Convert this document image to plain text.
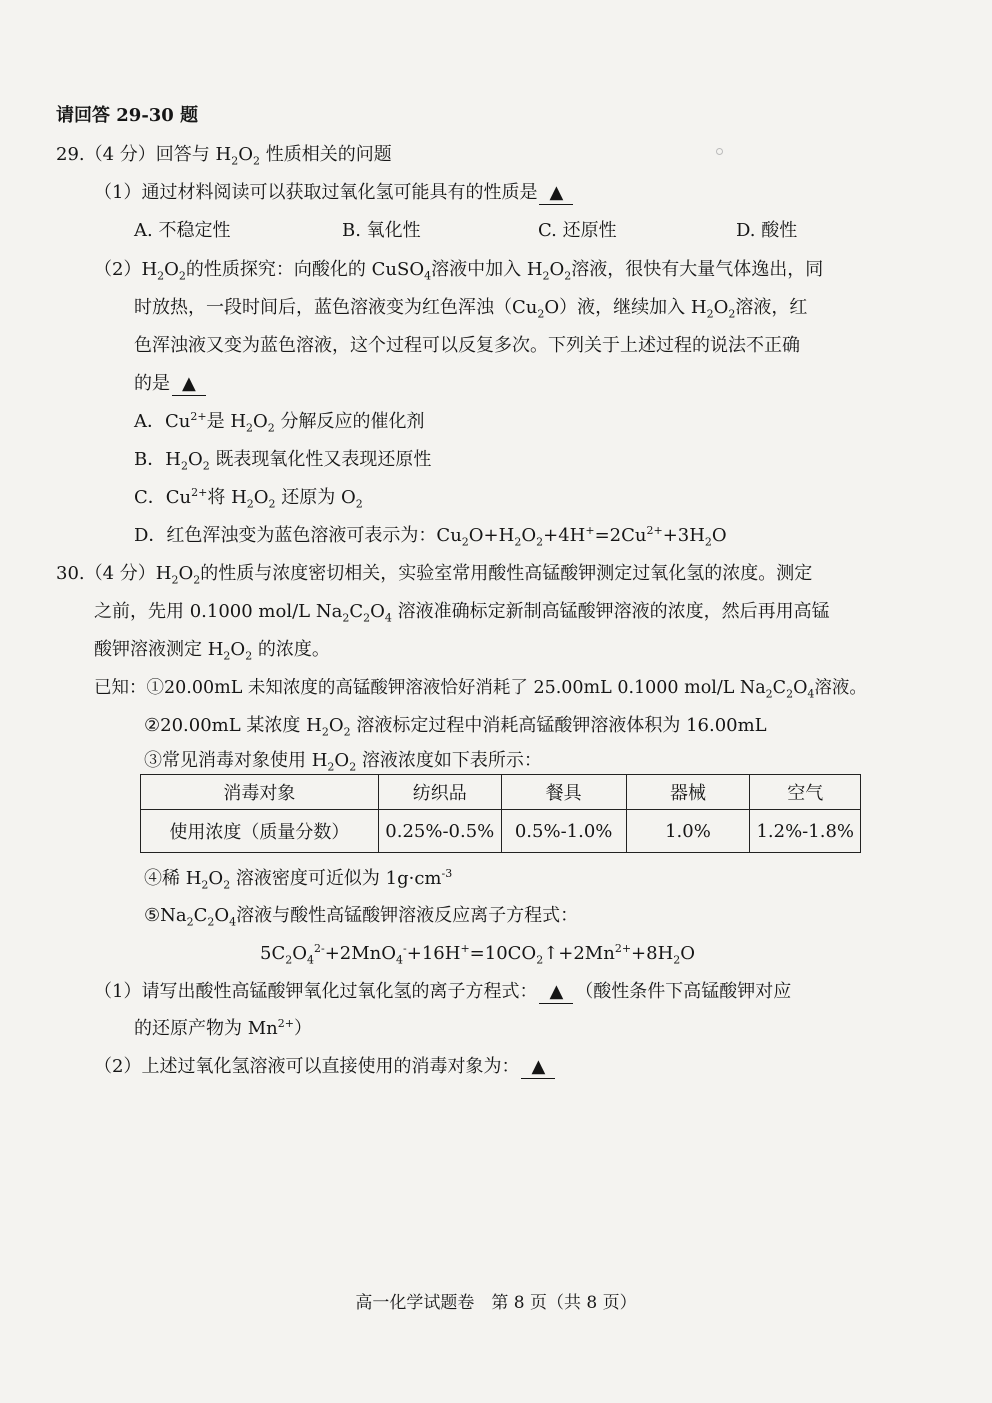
请回答 29-30 题
29.（4 分）回答与 $H_2O_2$ 性质相关的问题
（1）通过材料阅读可以获取过氧化氢可能具有的性质是 ▲
A. 不稳定性	B. 氧化性	C. 还原性	D. 酸性
$(2)H_2O_2$的性质探究：向酸化的 CuSO$_4$溶液中加入 $H_2O_2$溶液，很快有大量气体逸出，同
时放热，一段时间后，蓝色溶液变为红色浑浊$(Cu_2O)$液，继续加入 $H_2O_2$溶液，红
色浑浊液又变为蓝色溶液，这个过程可以反复多次。下列关于上述过程的说法不正确
的是 ▲
A．$Cu^{2+}$是 $H_2O_2$ 分解反应的催化剂
B．$H_2O_2$ 既表现氧化性又表现还原性
C．$Cu^{2+}$将 $H_2O_2$ 还原为 $O_2$
D．红色浑浊变为蓝色溶液可表示为：$Cu_2O+H_2O_2+4H^+=2Cu^{2+}+3H_2O$
30.（4 分）$H_2O_2$的性质与浓度密切相关，实验室常用酸性高锰酸钾测定过氧化氢的浓度。测定
之前，先用 0.1000 mol/L $Na_2C_2O_4$ 溶液准确标定新制高锰酸钾溶液的浓度，然后再用高锰
酸钾溶液测定 $H_2O_2$ 的浓度。
已知：①20.00mL 未知浓度的高锰酸钾溶液恰好消耗了 25.00mL 0.1000 mol/L $Na_2C_2O_4$溶液。
②20.00mL 某浓度 $H_2O_2$ 溶液标定过程中消耗高锰酸钾溶液体积为 16.00mL
③常见消毒对象使用 $H_2O_2$ 溶液浓度如下表所示：
消毒对象	纺织品	餐具	器械	空气
使用浓度（质量分数）	0.25%-0.5%	0.5%-1.0%	1.0%	1.2%-1.8%
④稀 $H_2O_2$ 溶液密度可近似为 $1g\cdot cm^{-3}$
$⑤Na_2C_2O_4$溶液与酸性高锰酸钾溶液反应离子方程式：
$5C_2O_4^{2-}+2MnO_4^-+16H^+=10CO_2↑+2Mn^{2+}+8H_2O$
（1）请写出酸性高锰酸钾氧化过氧化氢的离子方程式： ▲ （酸性条件下高锰酸钾对应
的还原产物为 $Mn^{2+}$）
（2）上述过氧化氢溶液可以直接使用的消毒对象为： ▲
高一化学试题卷　第 8 页（共 8 页）
